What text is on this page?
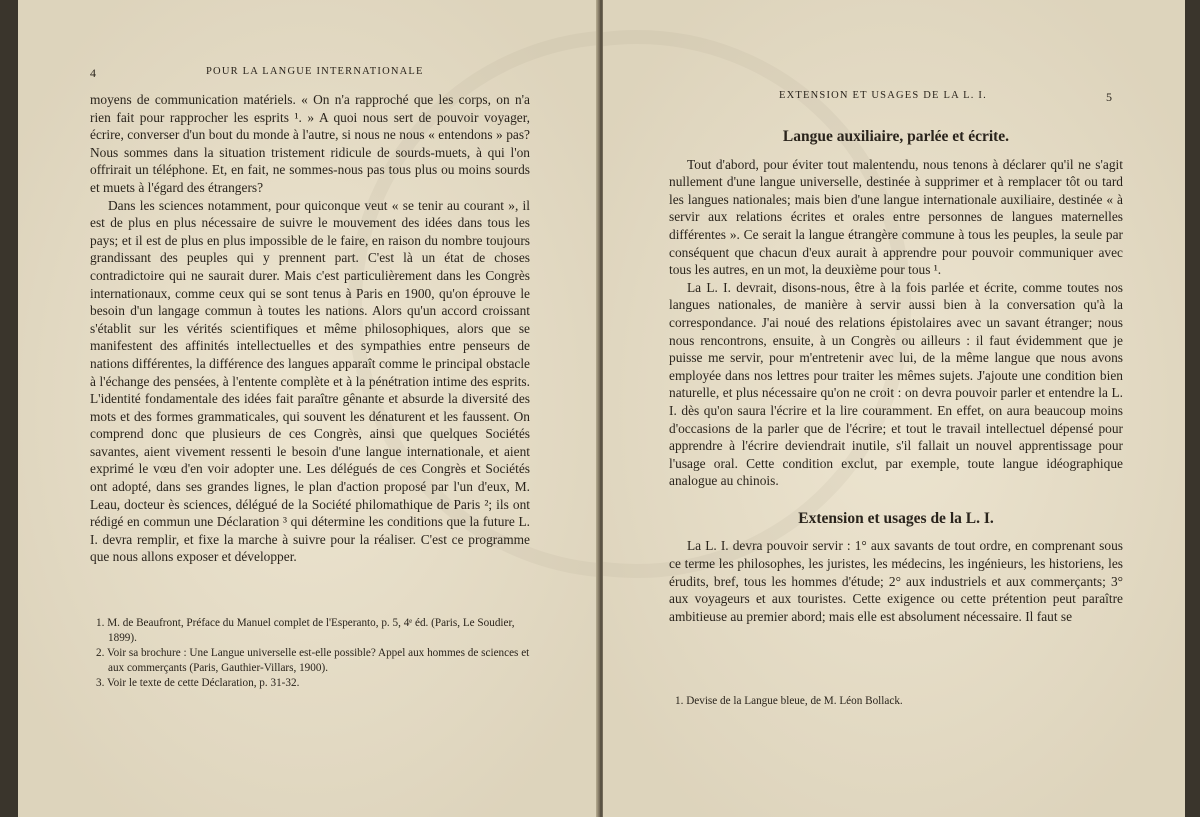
4	POUR LA LANGUE INTERNATIONALE

moyens de communication matériels. « On n'a rapproché que les corps, on n'a rien fait pour rapprocher les esprits ¹. » A quoi nous sert de pouvoir voyager, écrire, converser d'un bout du monde à l'autre, si nous ne nous « entendons » pas? Nous sommes dans la situation tristement ridicule de sourds-muets, à qui l'on offrirait un téléphone. Et, en fait, ne sommes-nous pas tous plus ou moins sourds et muets à l'égard des étrangers?

Dans les sciences notamment, pour quiconque veut « se tenir au courant », il est de plus en plus nécessaire de suivre le mouvement des idées dans tous les pays; et il est de plus en plus impossible de le faire, en raison du nombre toujours grandissant des peuples qui y prennent part. C'est là un état de choses contradictoire qui ne saurait durer. Mais c'est particulièrement dans les Congrès internationaux, comme ceux qui se sont tenus à Paris en 1900, qu'on éprouve le besoin d'un langage commun à toutes les nations. Alors qu'un accord croissant s'établit sur les vérités scientifiques et même philosophiques, alors que se manifestent des affinités intellectuelles et des sympathies entre penseurs de nations différentes, la différence des langues apparaît comme le principal obstacle à l'échange des pensées, à l'entente complète et à la pénétration intime des esprits. L'identité fondamentale des idées fait paraître gênante et absurde la diversité des mots et des formes grammaticales, qui souvent les dénaturent et les faussent. On comprend donc que plusieurs de ces Congrès, ainsi que quelques Sociétés savantes, aient vivement ressenti le besoin d'une langue internationale, et aient exprimé le vœu d'en voir adopter une. Les délégués de ces Congrès et Sociétés ont adopté, dans ses grandes lignes, le plan d'action proposé par l'un d'eux, M. Leau, docteur ès sciences, délégué de la Société philomathique de Paris ²; ils ont rédigé en commun une Déclaration ³ qui détermine les conditions que la future L. I. devra remplir, et fixe la marche à suivre pour la réaliser. C'est ce programme que nous allons exposer et développer.

1. M. de Beaufront, Préface du Manuel complet de l'Esperanto, p. 5, 4ᵉ éd. (Paris, Le Soudier, 1899).
2. Voir sa brochure : Une Langue universelle est-elle possible? Appel aux hommes de sciences et aux commerçants (Paris, Gauthier-Villars, 1900).
3. Voir le texte de cette Déclaration, p. 31-32.
EXTENSION ET USAGES DE LA L. I.	5
Langue auxiliaire, parlée et écrite.

Tout d'abord, pour éviter tout malentendu, nous tenons à déclarer qu'il ne s'agit nullement d'une langue universelle, destinée à supprimer et à remplacer tôt ou tard les langues nationales; mais bien d'une langue internationale auxiliaire, destinée « à servir aux relations écrites et orales entre personnes de langues maternelles différentes ». Ce serait la langue étrangère commune à tous les peuples, la seule par conséquent que chacun d'eux aurait à apprendre pour pouvoir communiquer avec tous les autres, en un mot, la deuxième pour tous ¹.

La L. I. devrait, disons-nous, être à la fois parlée et écrite, comme toutes nos langues nationales, de manière à servir aussi bien à la conversation qu'à la correspondance. J'ai noué des relations épistolaires avec un savant étranger; nous nous rencontrons, ensuite, à un Congrès ou ailleurs : il faut évidemment que je puisse me servir, pour m'entretenir avec lui, de la même langue que nous avons employée dans nos lettres pour traiter les mêmes sujets. J'ajoute une condition bien naturelle, et plus nécessaire qu'on ne croit : on devra pouvoir parler et entendre la L. I. dès qu'on saura l'écrire et la lire couramment. En effet, on aura beaucoup moins d'occasions de la parler que de l'écrire; et tout le travail intellectuel dépensé pour apprendre à l'écrire deviendrait inutile, s'il fallait un nouvel apprentissage pour l'usage oral. Cette condition exclut, par exemple, toute langue idéographique analogue au chinois.

Extension et usages de la L. I.

La L. I. devra pouvoir servir : 1° aux savants de tout ordre, en comprenant sous ce terme les philosophes, les juristes, les médecins, les ingénieurs, les historiens, les érudits, bref, tous les hommes d'étude; 2° aux industriels et aux commerçants; 3° aux voyageurs et aux touristes. Cette exigence ou cette prétention peut paraître ambitieuse au premier abord; mais elle est absolument nécessaire. Il faut se

1. Devise de la Langue bleue, de M. Léon Bollack.
